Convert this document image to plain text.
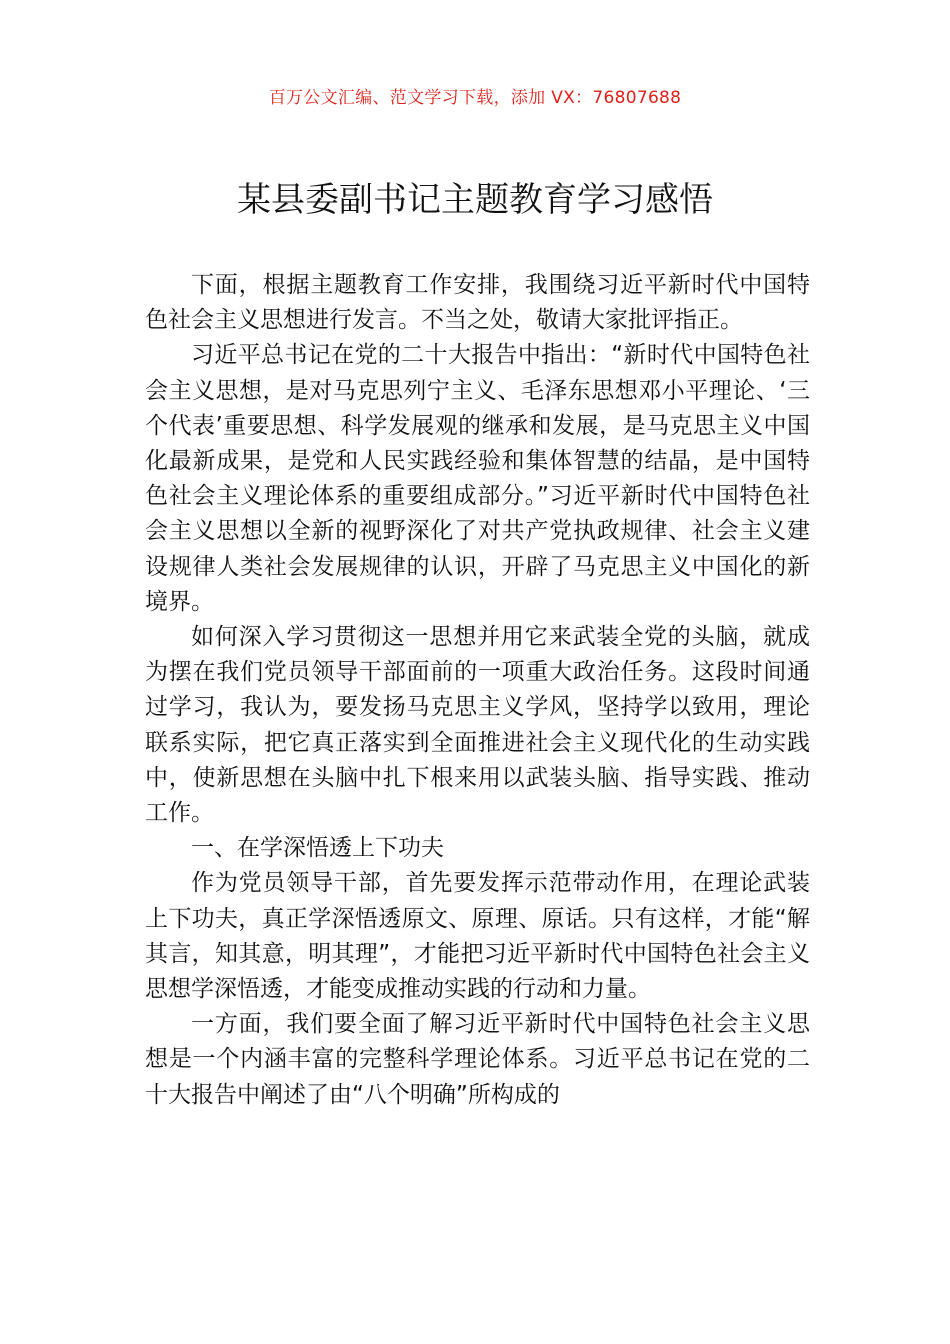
百万公文汇编、范文学习下载，添加 VX：76807688
某县委副书记主题教育学习感悟

下面，根据主题教育工作安排，我围绕习近平新时代中国特色社会主义思想进行发言。不当之处，敬请大家批评指正。

习近平总书记在党的二十大报告中指出：“新时代中国特色社会主义思想，是对马克思列宁主义、毛泽东思想邓小平理论、‘三个代表’重要思想、科学发展观的继承和发展，是马克思主义中国化最新成果，是党和人民实践经验和集体智慧的结晶，是中国特色社会主义理论体系的重要组成部分。”习近平新时代中国特色社会主义思想以全新的视野深化了对共产党执政规律、社会主义建设规律人类社会发展规律的认识，开辟了马克思主义中国化的新境界。

如何深入学习贯彻这一思想并用它来武装全党的头脑，就成为摆在我们党员领导干部面前的一项重大政治任务。这段时间通过学习，我认为，要发扬马克思主义学风，坚持学以致用，理论联系实际，把它真正落实到全面推进社会主义现代化的生动实践中，使新思想在头脑中扎下根来用以武装头脑、指导实践、推动工作。

一、在学深悟透上下功夫

作为党员领导干部，首先要发挥示范带动作用，在理论武装上下功夫，真正学深悟透原文、原理、原话。只有这样，才能“解其言，知其意，明其理”，才能把习近平新时代中国特色社会主义思想学深悟透，才能变成推动实践的行动和力量。

一方面，我们要全面了解习近平新时代中国特色社会主义思想是一个内涵丰富的完整科学理论体系。习近平总书记在党的二十大报告中阐述了由“八个明确”所构成的
